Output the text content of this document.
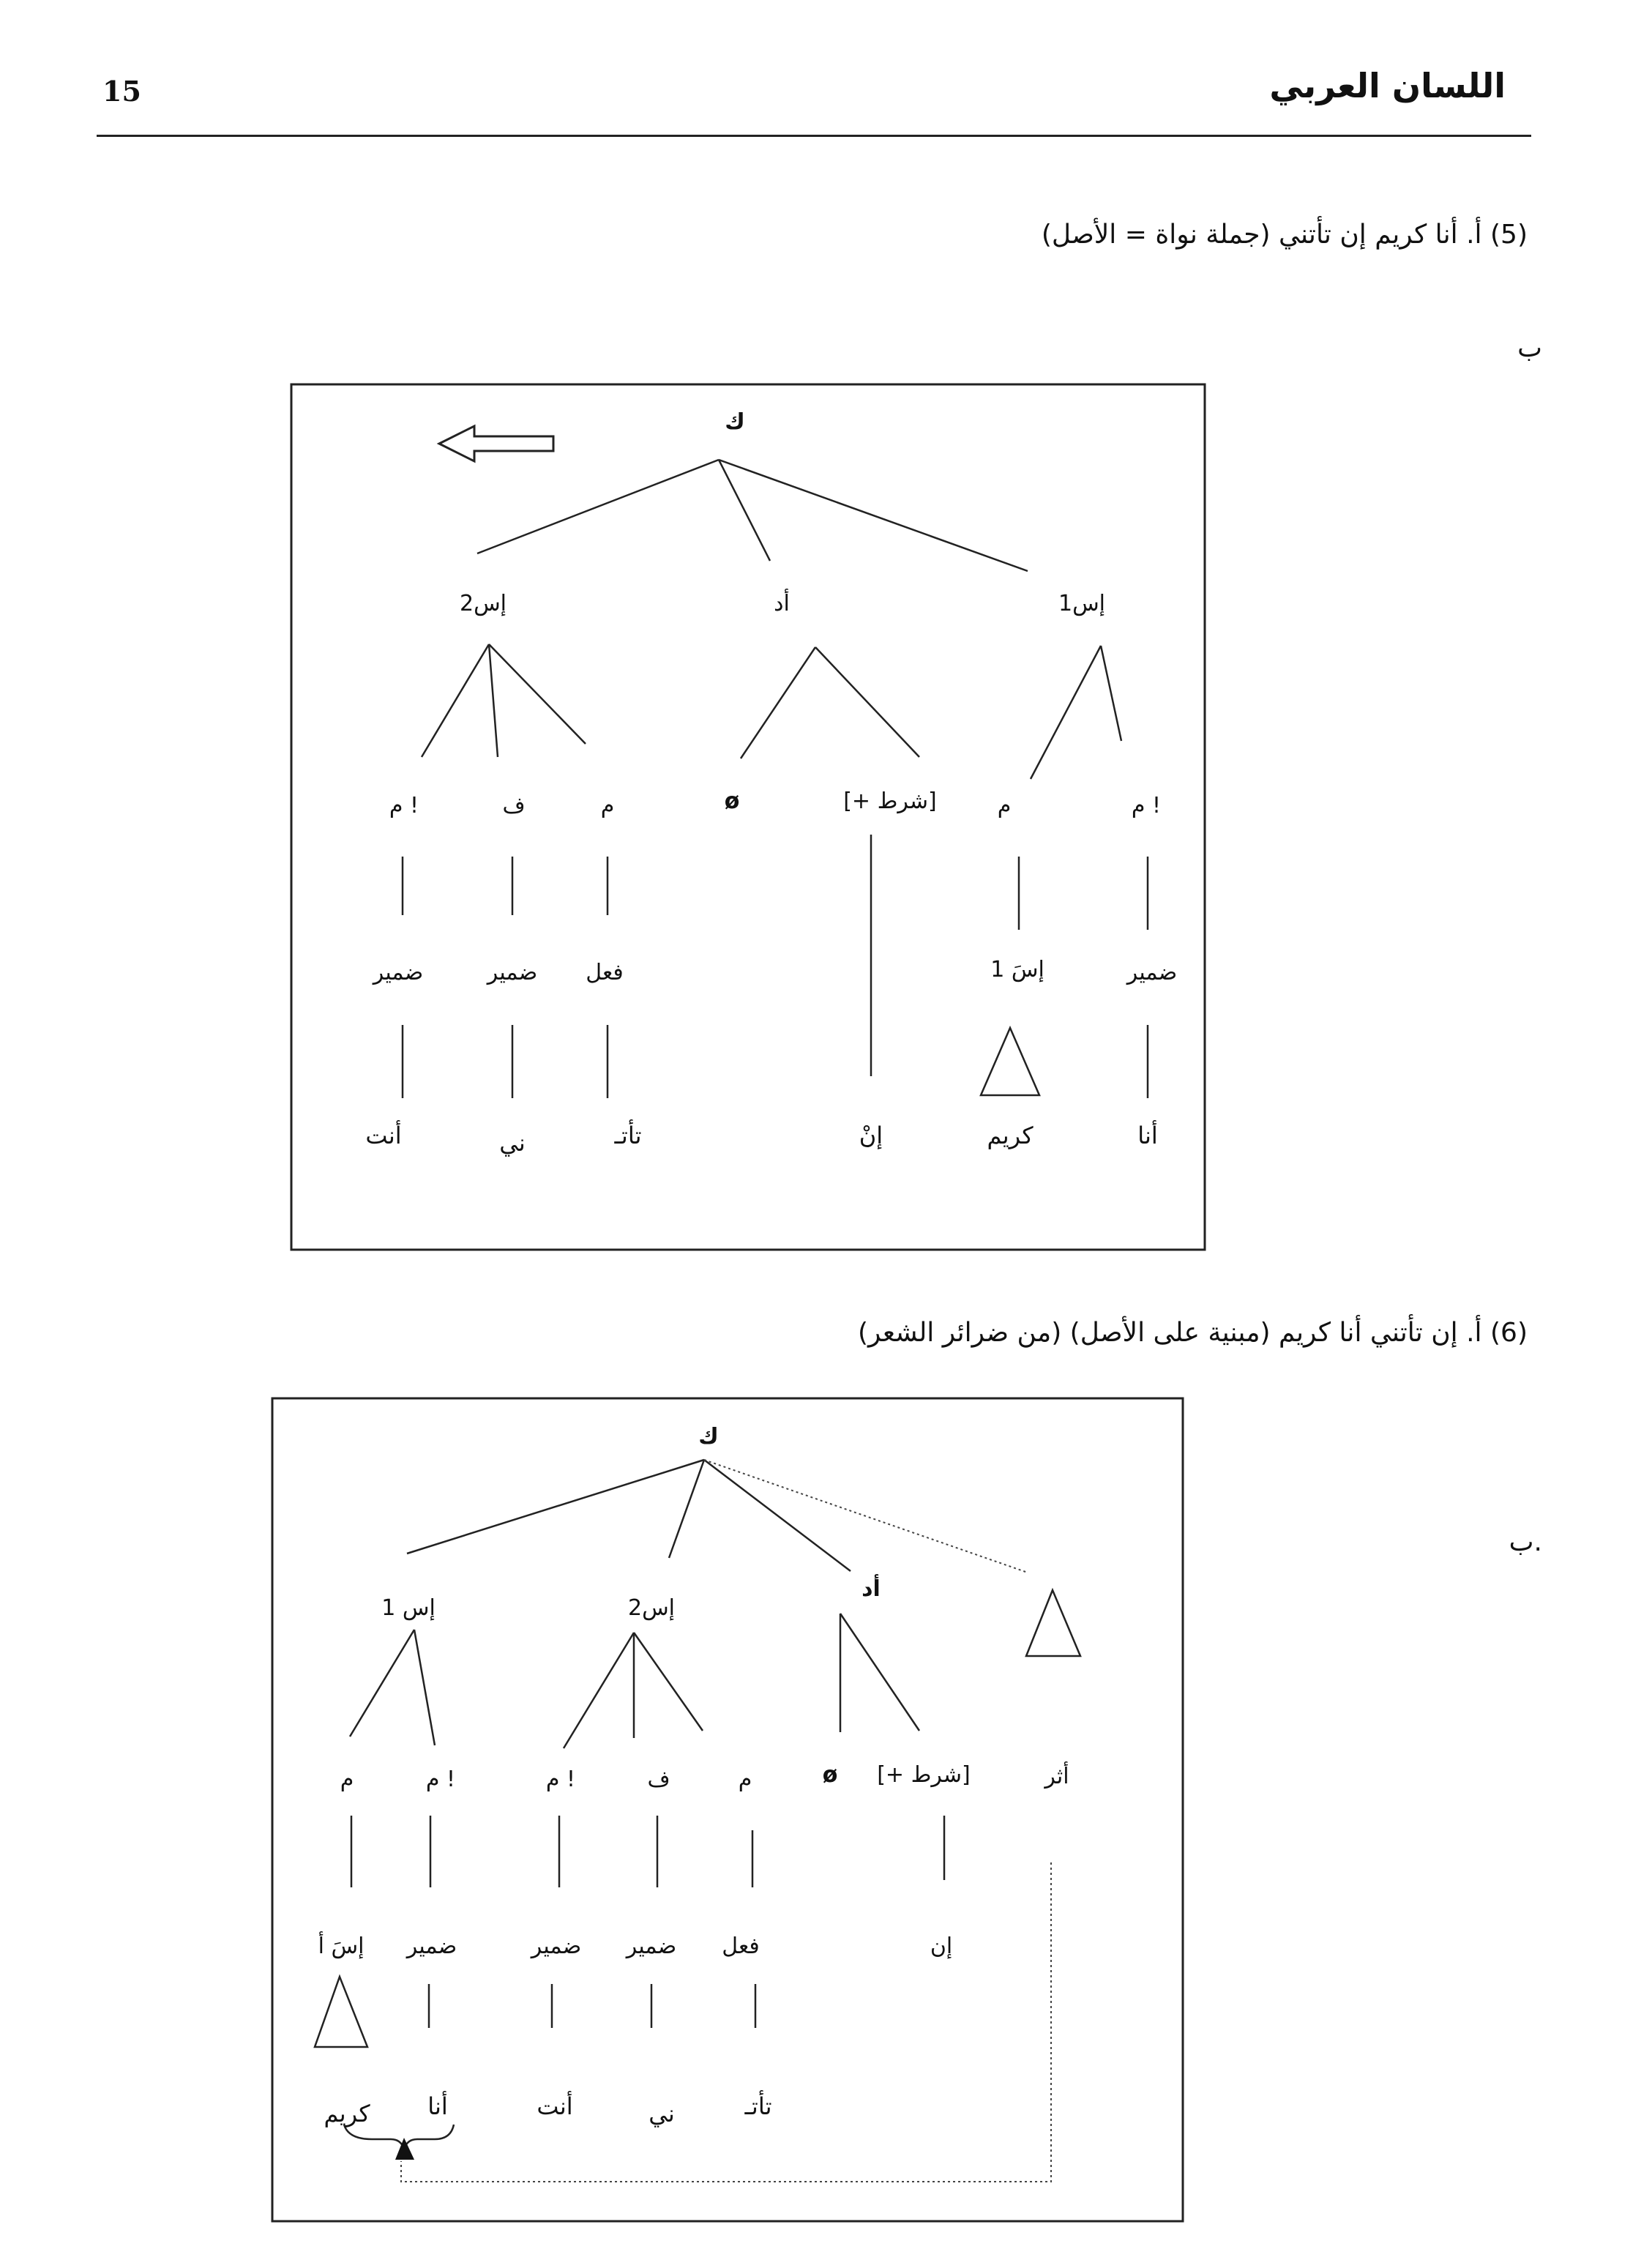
15	اللسان العربي
(5) أ. أنا كريم إن تأتني (جملة نواة = الأصل)
ب
ك
إس1
أد
إس2
م !
م
[+ شرط]
ø
م
ف
م !
ضمير
إسَ 1
فعل
ضمير
ضمير
أنا
كريم
إنْ
تأتـ
ني
أنت
(6) أ. إن تأتني أنا كريم (مبنية على الأصل) (من ضرائر الشعر)
ب.
ك
إس 1	إس2
أد
م	م !	م !	ف	م	ø [+ شرط]	أثر
إسَ أ ضمير	ضمير ضمير فعل	إن
كريم أنا	أنت	ني	تأتـ
